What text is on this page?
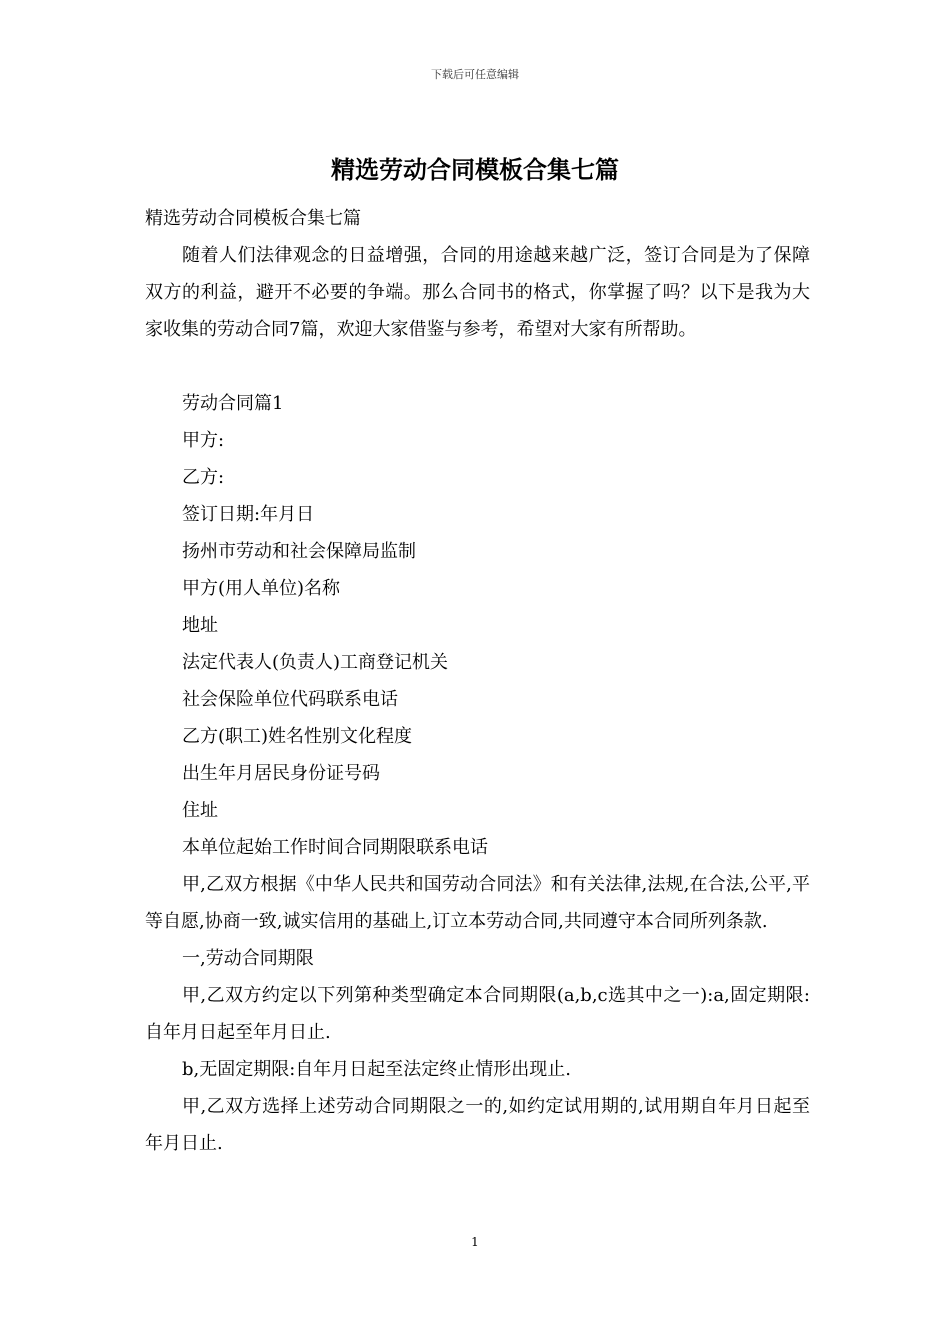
下载后可任意编辑
精选劳动合同模板合集七篇

精选劳动合同模板合集七篇

随着人们法律观念的日益增强，合同的用途越来越广泛，签订合同是为了保障双方的利益，避开不必要的争端。那么合同书的格式，你掌握了吗？以下是我为大家收集的劳动合同7篇，欢迎大家借鉴与参考，希望对大家有所帮助。

劳动合同篇1

甲方:

乙方:

签订日期:年月日

扬州市劳动和社会保障局监制

甲方(用人单位)名称

地址

法定代表人(负责人)工商登记机关

社会保险单位代码联系电话

乙方(职工)姓名性别文化程度

出生年月居民身份证号码

住址

本单位起始工作时间合同期限联系电话

甲,乙双方根据《中华人民共和国劳动合同法》和有关法律,法规,在合法,公平,平等自愿,协商一致,诚实信用的基础上,订立本劳动合同,共同遵守本合同所列条款.

一,劳动合同期限

甲,乙双方约定以下列第种类型确定本合同期限(a,b,c选其中之一):a,固定期限:自年月日起至年月日止.

b,无固定期限:自年月日起至法定终止情形出现止.

甲,乙双方选择上述劳动合同期限之一的,如约定试用期的,试用期自年月日起至年月日止.

1
